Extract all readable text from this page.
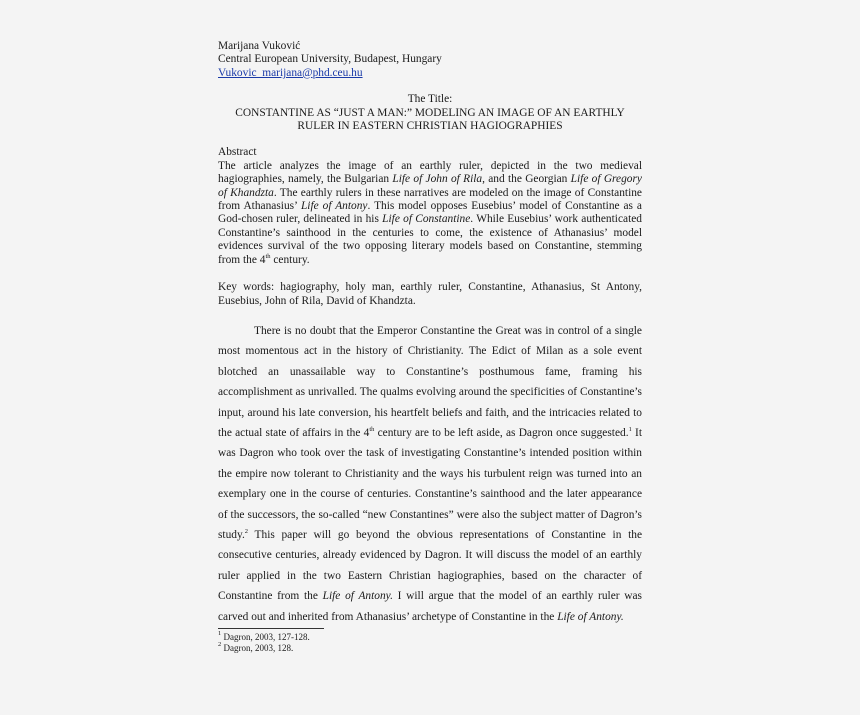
Marijana Vuković
Central European University, Budapest, Hungary
Vukovic_marijana@phd.ceu.hu
The Title:
CONSTANTINE AS “JUST A MAN:” MODELING AN IMAGE OF AN EARTHLY
RULER IN EASTERN CHRISTIAN HAGIOGRAPHIES
Abstract
The article analyzes the image of an earthly ruler, depicted in the two medieval hagiographies, namely, the Bulgarian Life of John of Rila, and the Georgian Life of Gregory of Khandzta. The earthly rulers in these narratives are modeled on the image of Constantine from Athanasius’ Life of Antony. This model opposes Eusebius’ model of Constantine as a God-chosen ruler, delineated in his Life of Constantine. While Eusebius’ work authenticated Constantine’s sainthood in the centuries to come, the existence of Athanasius’ model evidences survival of the two opposing literary models based on Constantine, stemming from the 4th century.
Key words: hagiography, holy man, earthly ruler, Constantine, Athanasius, St Antony, Eusebius, John of Rila, David of Khandzta.
There is no doubt that the Emperor Constantine the Great was in control of a single most momentous act in the history of Christianity. The Edict of Milan as a sole event blotched an unassailable way to Constantine’s posthumous fame, framing his accomplishment as unrivalled. The qualms evolving around the specificities of Constantine’s input, around his late conversion, his heartfelt beliefs and faith, and the intricacies related to the actual state of affairs in the 4th century are to be left aside, as Dagron once suggested.$^1$ It was Dagron who took over the task of investigating Constantine’s intended position within the empire now tolerant to Christianity and the ways his turbulent reign was turned into an exemplary one in the course of centuries. Constantine’s sainthood and the later appearance of the successors, the so-called “new Constantines” were also the subject matter of Dagron’s study.$^2$ This paper will go beyond the obvious representations of Constantine in the consecutive centuries, already evidenced by Dagron. It will discuss the model of an earthly ruler applied in the two Eastern Christian hagiographies, based on the character of Constantine from the Life of Antony. I will argue that the model of an earthly ruler was carved out and inherited from Athanasius’ archetype of Constantine in the Life of Antony.
$^1$ Dagron, 2003, 127-128.
$^2$ Dagron, 2003, 128.
